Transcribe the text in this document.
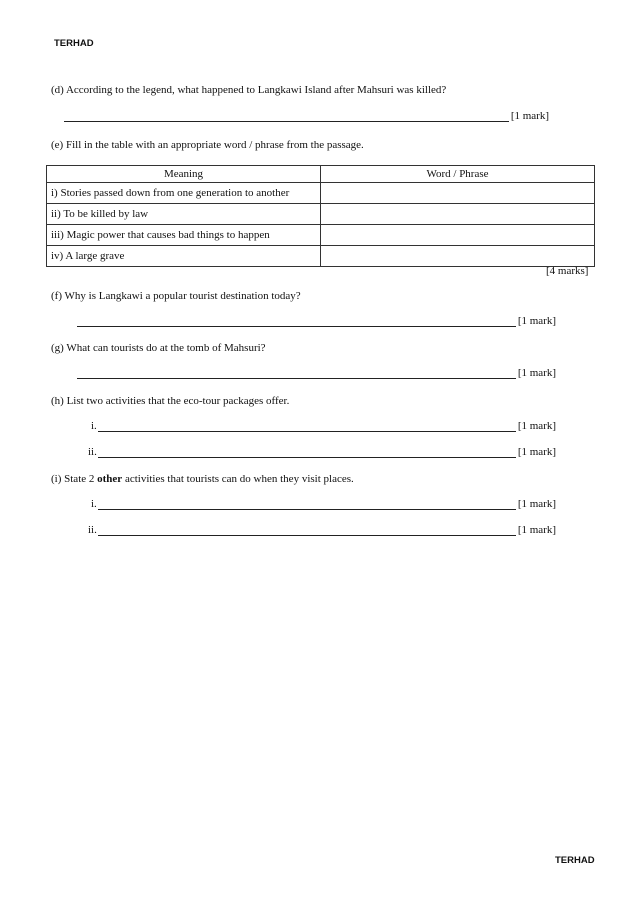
TERHAD
(d) According to the legend, what happened to Langkawi Island after Mahsuri was killed?
[1 mark]
(e) Fill in the table with an appropriate word / phrase from the passage.
Meaning	Word / Phrase
i) Stories passed down from one generation to another	
ii) To be killed by law	
iii) Magic power that causes bad things to happen	
iv) A large grave	
[4 marks]
(f) Why is Langkawi a popular tourist destination today?
[1 mark]
(g) What can tourists do at the tomb of Mahsuri?
[1 mark]
(h) List two activities that the eco-tour packages offer.
i.	[1 mark]
ii.	[1 mark]
(i) State 2 other activities that tourists can do when they visit places.
i.	[1 mark]
ii.	[1 mark]
TERHAD
